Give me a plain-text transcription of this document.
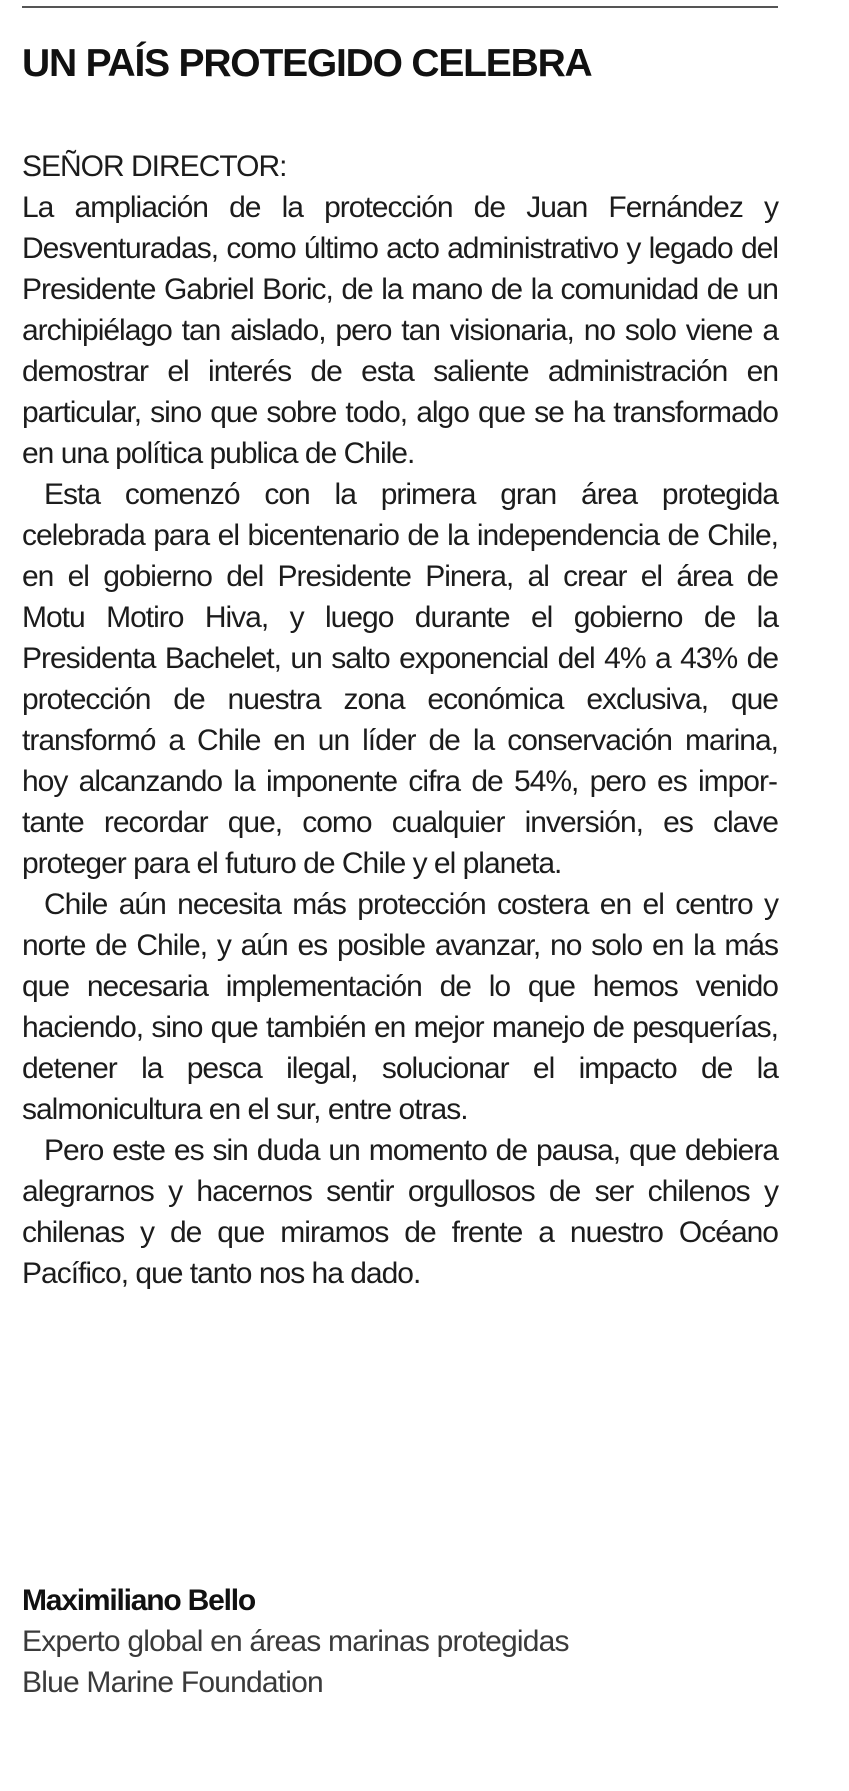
UN PAÍS PROTEGIDO CELEBRA

SEÑOR DIRECTOR:

La ampliación de la protección de Juan Fernández y Desventuradas, como último acto administrativo y legado del Presidente Gabriel Boric, de la mano de la comunidad de un archipiélago tan aislado, pero tan visionaria, no solo viene a demostrar el interés de esta saliente administración en particular, sino que sobre todo, algo que se ha transformado en una política publica de Chile.

Esta comenzó con la primera gran área protegida celebrada para el bicentenario de la independencia de Chile, en el gobierno del Presidente Pinera, al crear el área de Motu Motiro Hiva, y luego durante el gobierno de la Presidenta Bachelet, un salto exponencial del 4% a 43% de protección de nuestra zona económica exclusiva, que transformó a Chile en un líder de la conservación marina, hoy alcanzando la imponente cifra de 54%, pero es importante recordar que, como cualquier inversión, es clave proteger para el futuro de Chile y el planeta.

Chile aún necesita más protección costera en el centro y norte de Chile, y aún es posible avanzar, no solo en la más que necesaria implementación de lo que hemos venido haciendo, sino que también en mejor manejo de pesquerías, detener la pesca ilegal, solucionar el impacto de la salmonicultura en el sur, entre otras.

Pero este es sin duda un momento de pausa, que debiera alegrarnos y hacernos sentir orgullosos de ser chilenos y chilenas y de que miramos de frente a nuestro Océano Pacífico, que tanto nos ha dado.

Maximiliano Bello

Experto global en áreas marinas protegidas

Blue Marine Foundation
